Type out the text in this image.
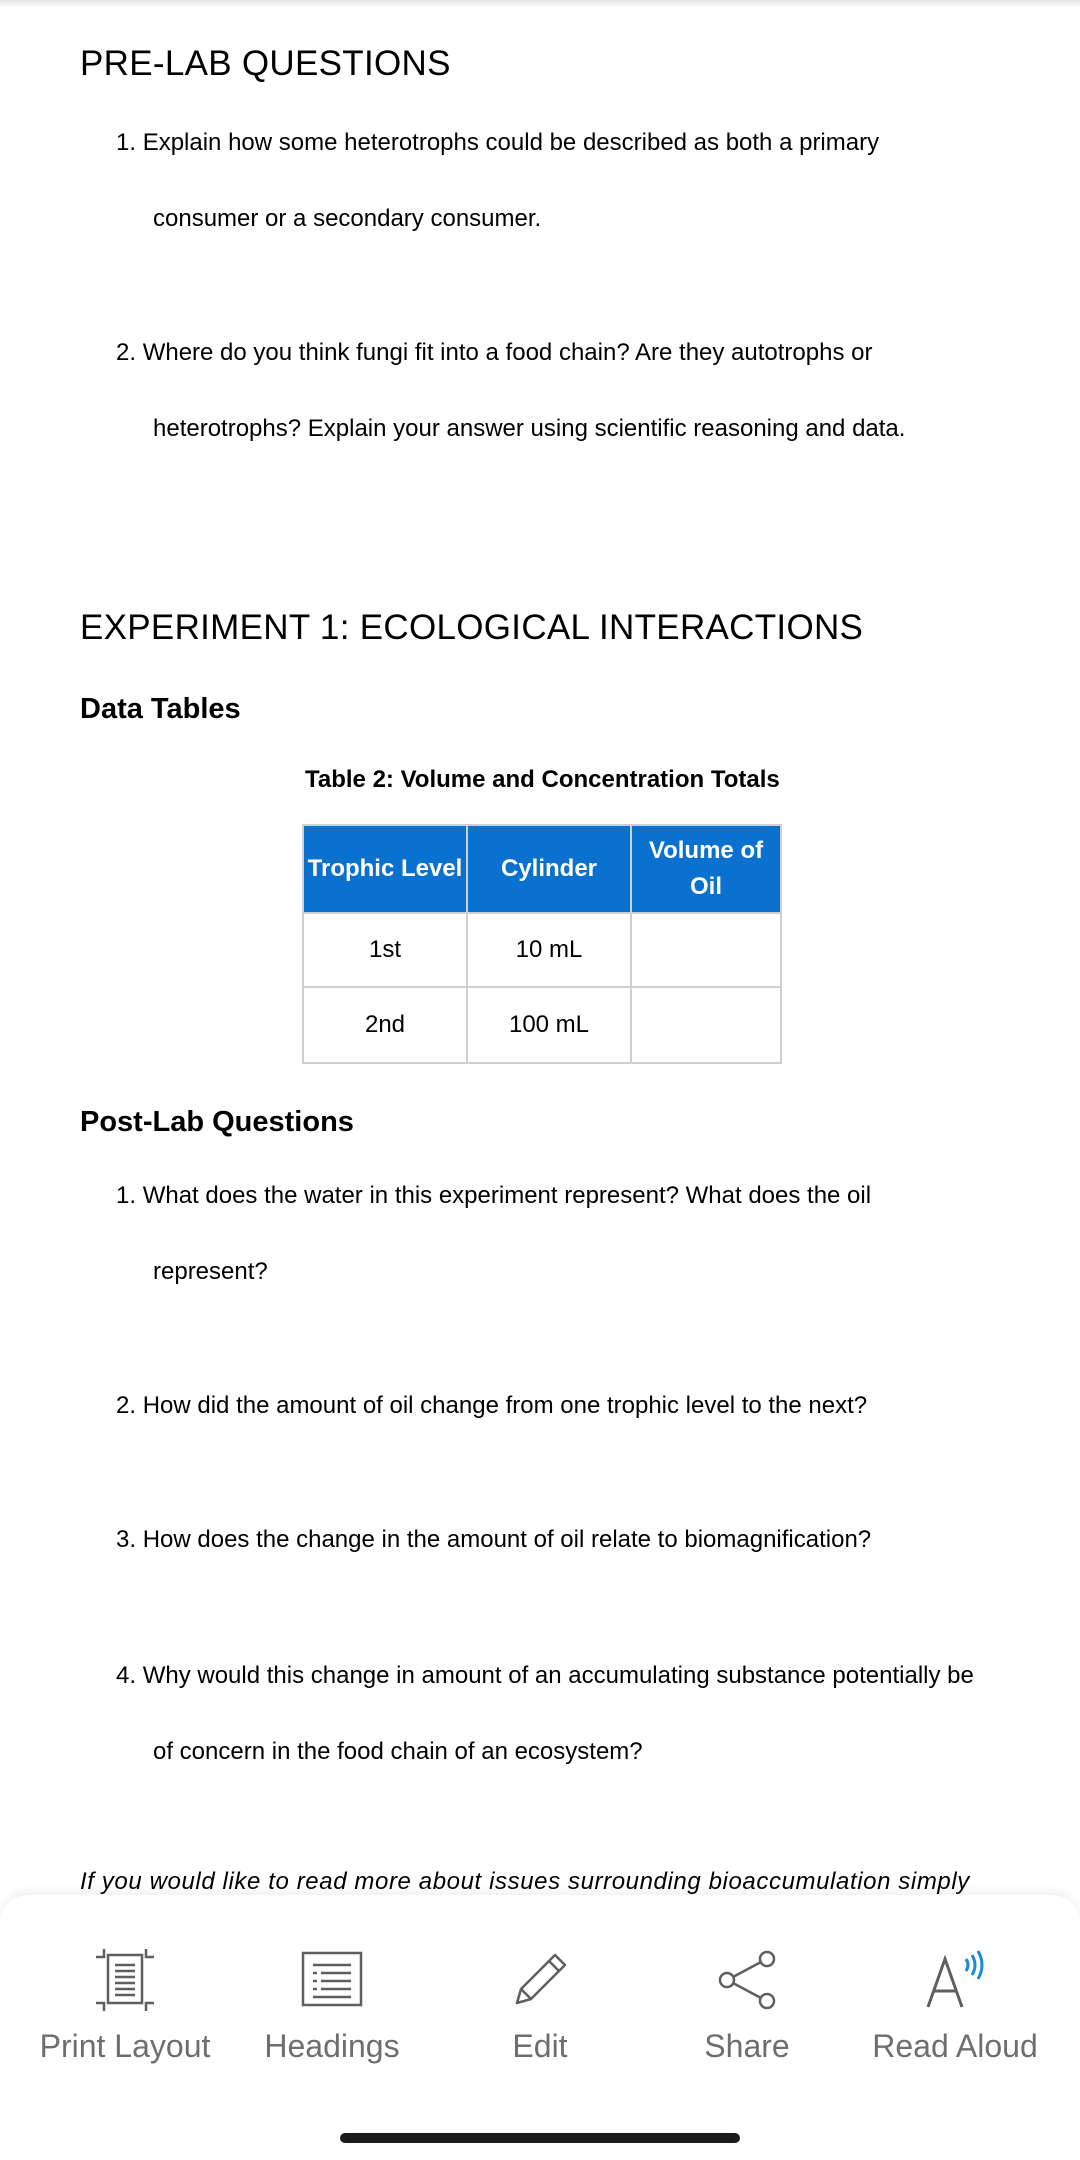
PRE-LAB QUESTIONS
1. Explain how some heterotrophs could be described as both a primary
consumer or a secondary consumer.
2. Where do you think fungi fit into a food chain? Are they autotrophs or
heterotrophs? Explain your answer using scientific reasoning and data.
EXPERIMENT 1: ECOLOGICAL INTERACTIONS
Data Tables
Table 2: Volume and Concentration Totals
Trophic Level	Cylinder	Volume of Oil
1st	10 mL	
2nd	100 mL	
Post-Lab Questions
1. What does the water in this experiment represent? What does the oil
represent?
2. How did the amount of oil change from one trophic level to the next?
3. How does the change in the amount of oil relate to biomagnification?
4. Why would this change in amount of an accumulating substance potentially be
of concern in the food chain of an ecosystem?
If you would like to read more about issues surrounding bioaccumulation simply
Print Layout	Headings	Edit	Share	Read Aloud
